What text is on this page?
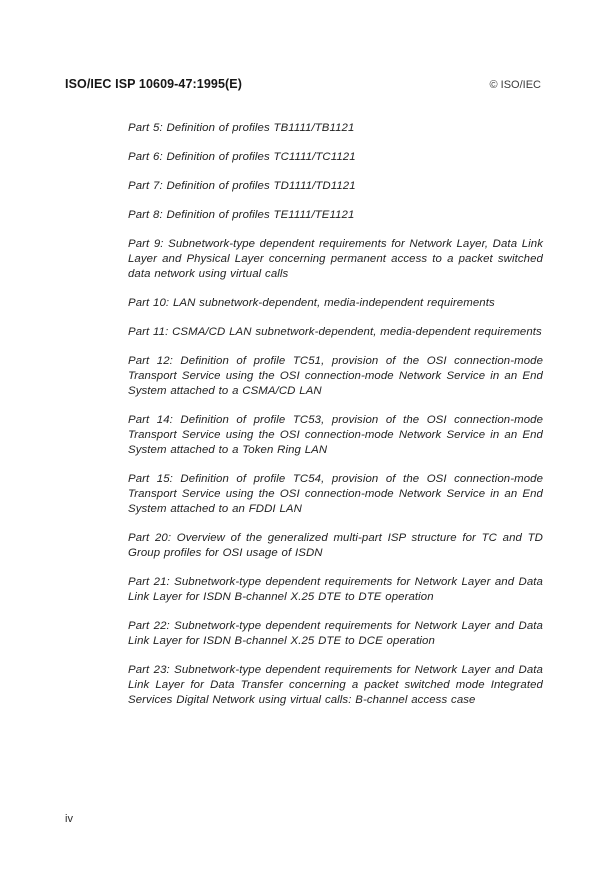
ISO/IEC ISP 10609-47:1995(E)	© ISO/IEC

Part 5: Definition of profiles TB1111/TB1121

Part 6: Definition of profiles TC1111/TC1121

Part 7: Definition of profiles TD1111/TD1121

Part 8: Definition of profiles TE1111/TE1121

Part 9: Subnetwork-type dependent requirements for Network Layer, Data Link Layer and Physical Layer concerning permanent access to a packet switched data network using virtual calls

Part 10: LAN subnetwork-dependent, media-independent requirements

Part 11: CSMA/CD LAN subnetwork-dependent, media-dependent requirements

Part 12: Definition of profile TC51, provision of the OSI connection-mode Transport Service using the OSI connection-mode Network Service in an End System attached to a CSMA/CD LAN

Part 14: Definition of profile TC53, provision of the OSI connection-mode Transport Service using the OSI connection-mode Network Service in an End System attached to a Token Ring LAN

Part 15: Definition of profile TC54, provision of the OSI connection-mode Transport Service using the OSI connection-mode Network Service in an End System attached to an FDDI LAN

Part 20: Overview of the generalized multi-part ISP structure for TC and TD Group profiles for OSI usage of ISDN

Part 21: Subnetwork-type dependent requirements for Network Layer and Data Link Layer for ISDN B-channel X.25 DTE to DTE operation

Part 22: Subnetwork-type dependent requirements for Network Layer and Data Link Layer for ISDN B-channel X.25 DTE to DCE operation

Part 23: Subnetwork-type dependent requirements for Network Layer and Data Link Layer for Data Transfer concerning a packet switched mode Integrated Services Digital Network using virtual calls: B-channel access case

iv
